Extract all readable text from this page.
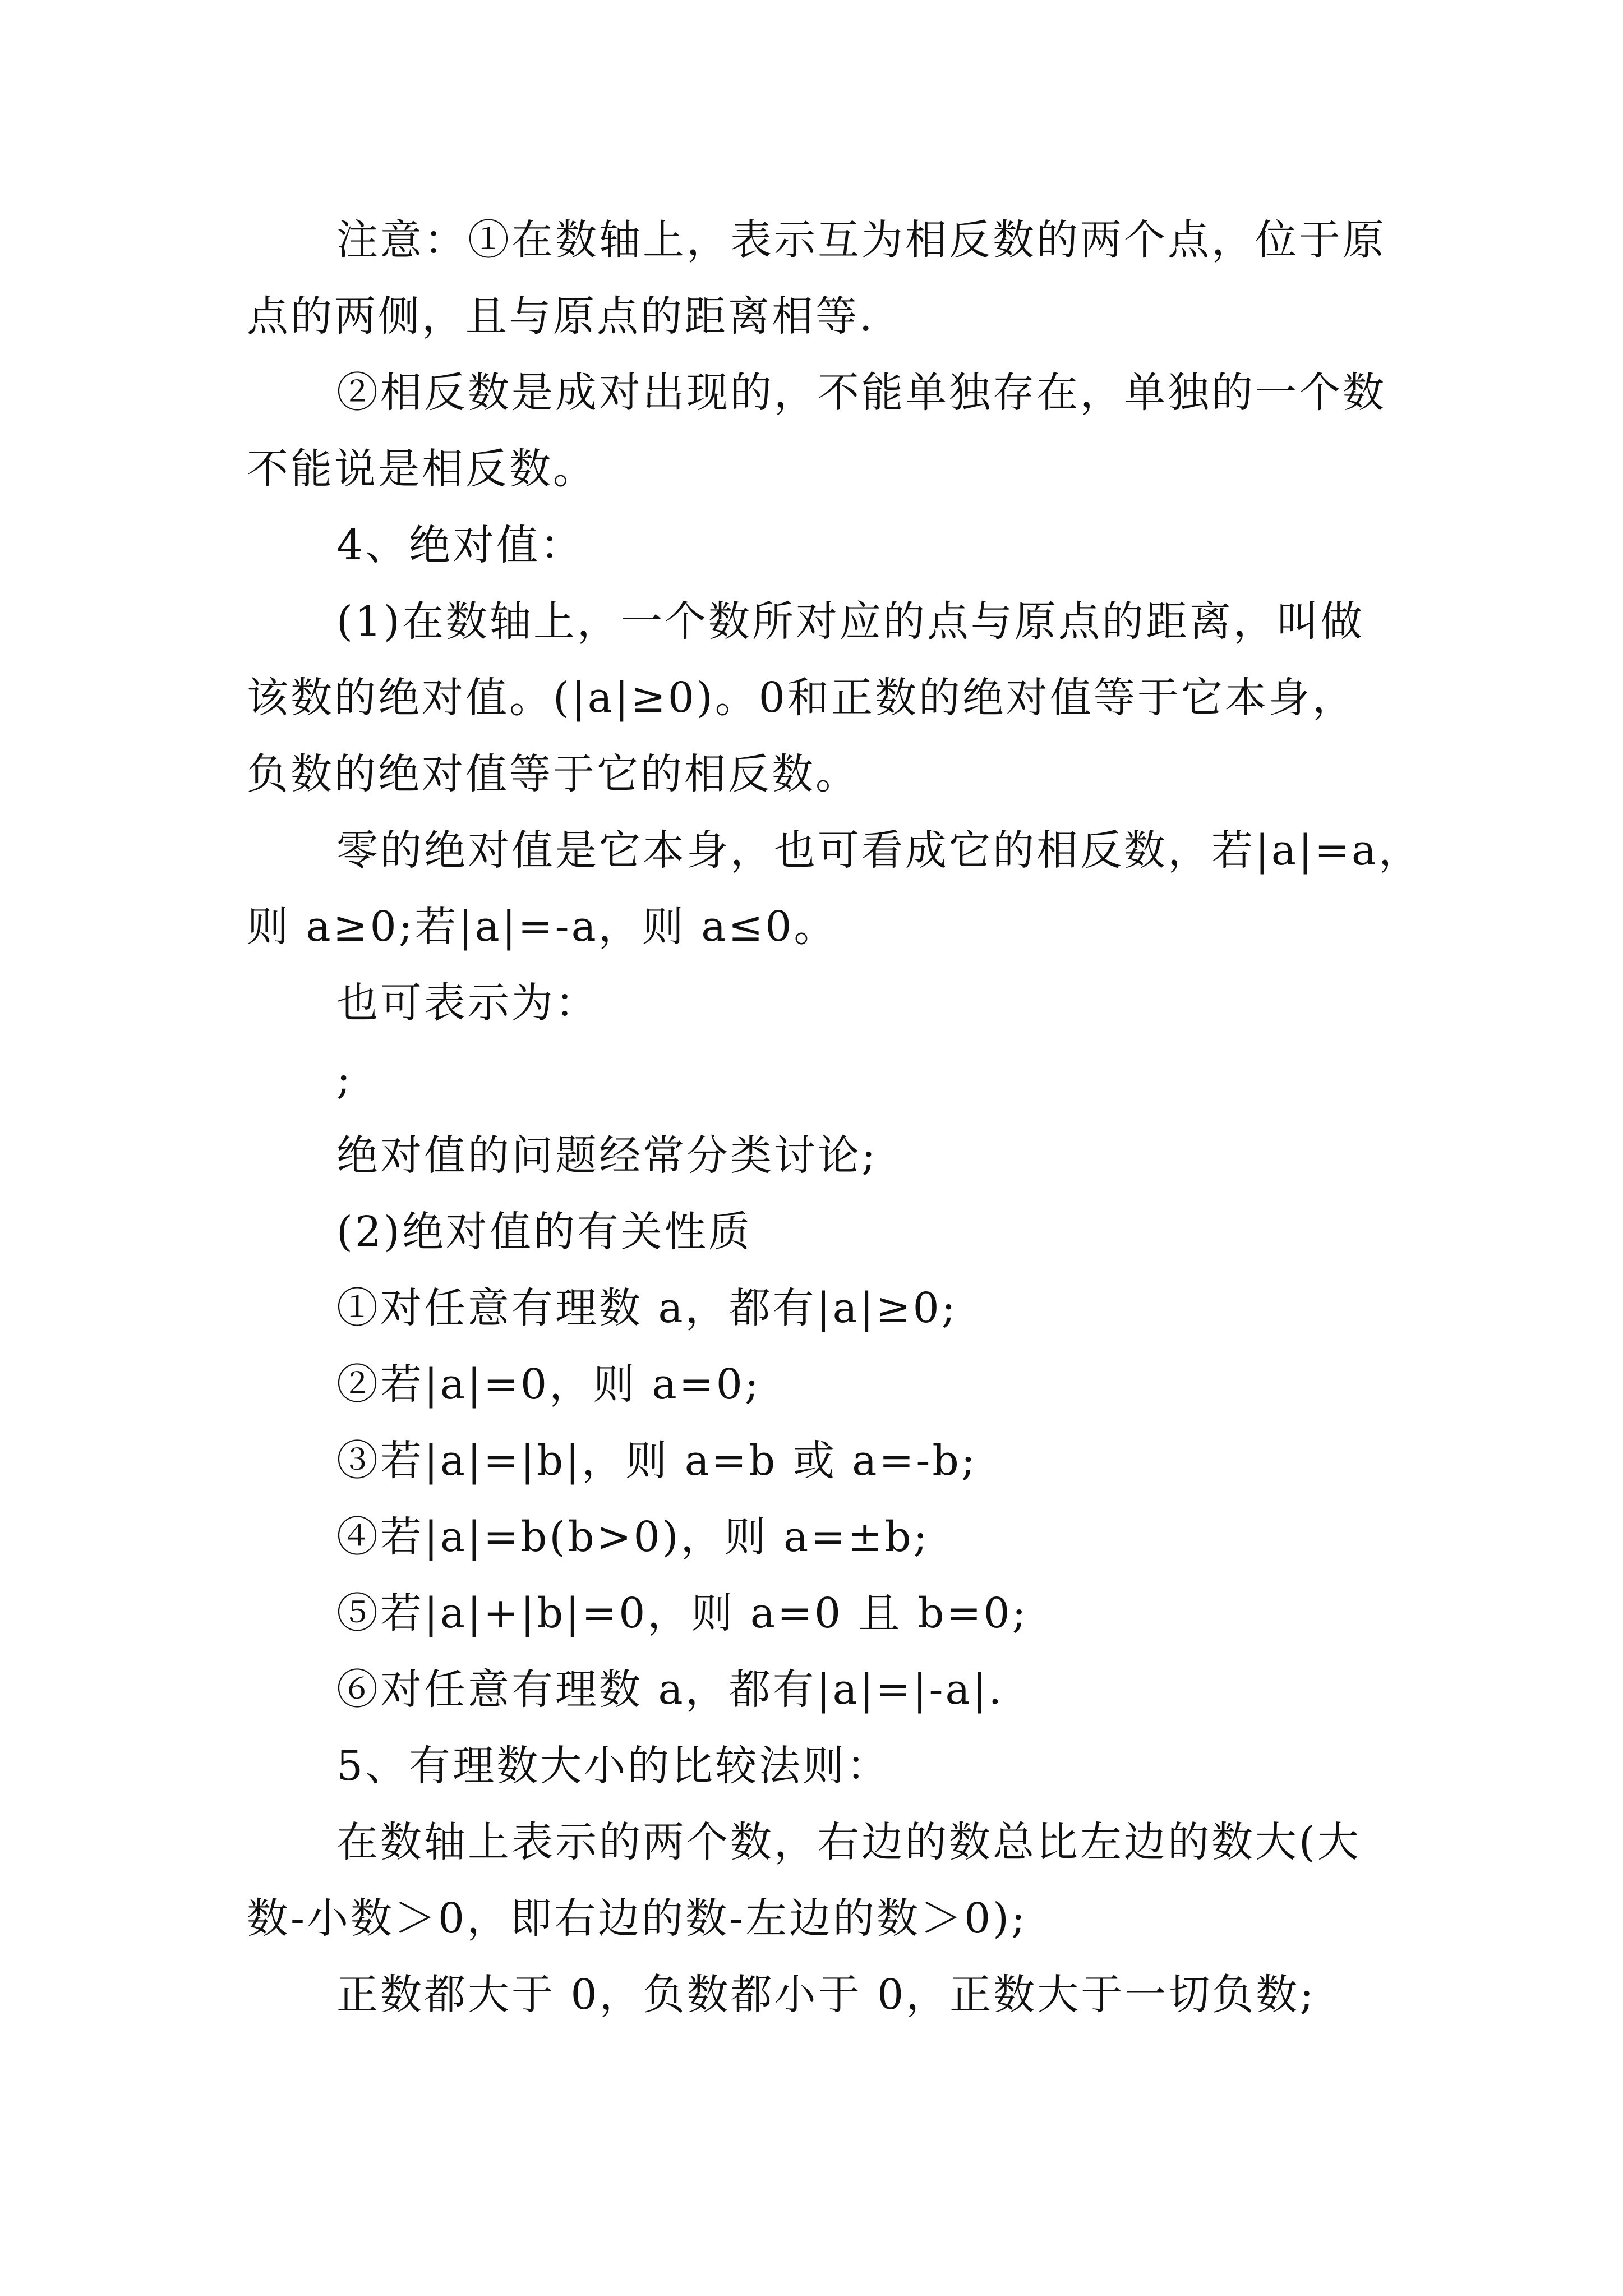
注意：①在数轴上，表示互为相反数的两个点，位于原
点的两侧，且与原点的距离相等.
②相反数是成对出现的，不能单独存在，单独的一个数
不能说是相反数。
4、绝对值：
(1)在数轴上，一个数所对应的点与原点的距离，叫做
该数的绝对值。(|a|≥0)。0和正数的绝对值等于它本身，
负数的绝对值等于它的相反数。
零的绝对值是它本身，也可看成它的相反数，若|a|=a，
则 a≥0;若|a|=-a，则 a≤0。
也可表示为：
;
绝对值的问题经常分类讨论;
(2)绝对值的有关性质
①对任意有理数 a，都有|a|≥0;
②若|a|=0，则 a=0;
③若|a|=|b|，则 a=b 或 a=-b;
④若|a|=b(b>0)，则 a=±b;
⑤若|a|+|b|=0，则 a=0 且 b=0;
⑥对任意有理数 a，都有|a|=|-a|.
5、有理数大小的比较法则：
在数轴上表示的两个数，右边的数总比左边的数大(大
数-小数＞0，即右边的数-左边的数＞0);
正数都大于 0，负数都小于 0，正数大于一切负数;
